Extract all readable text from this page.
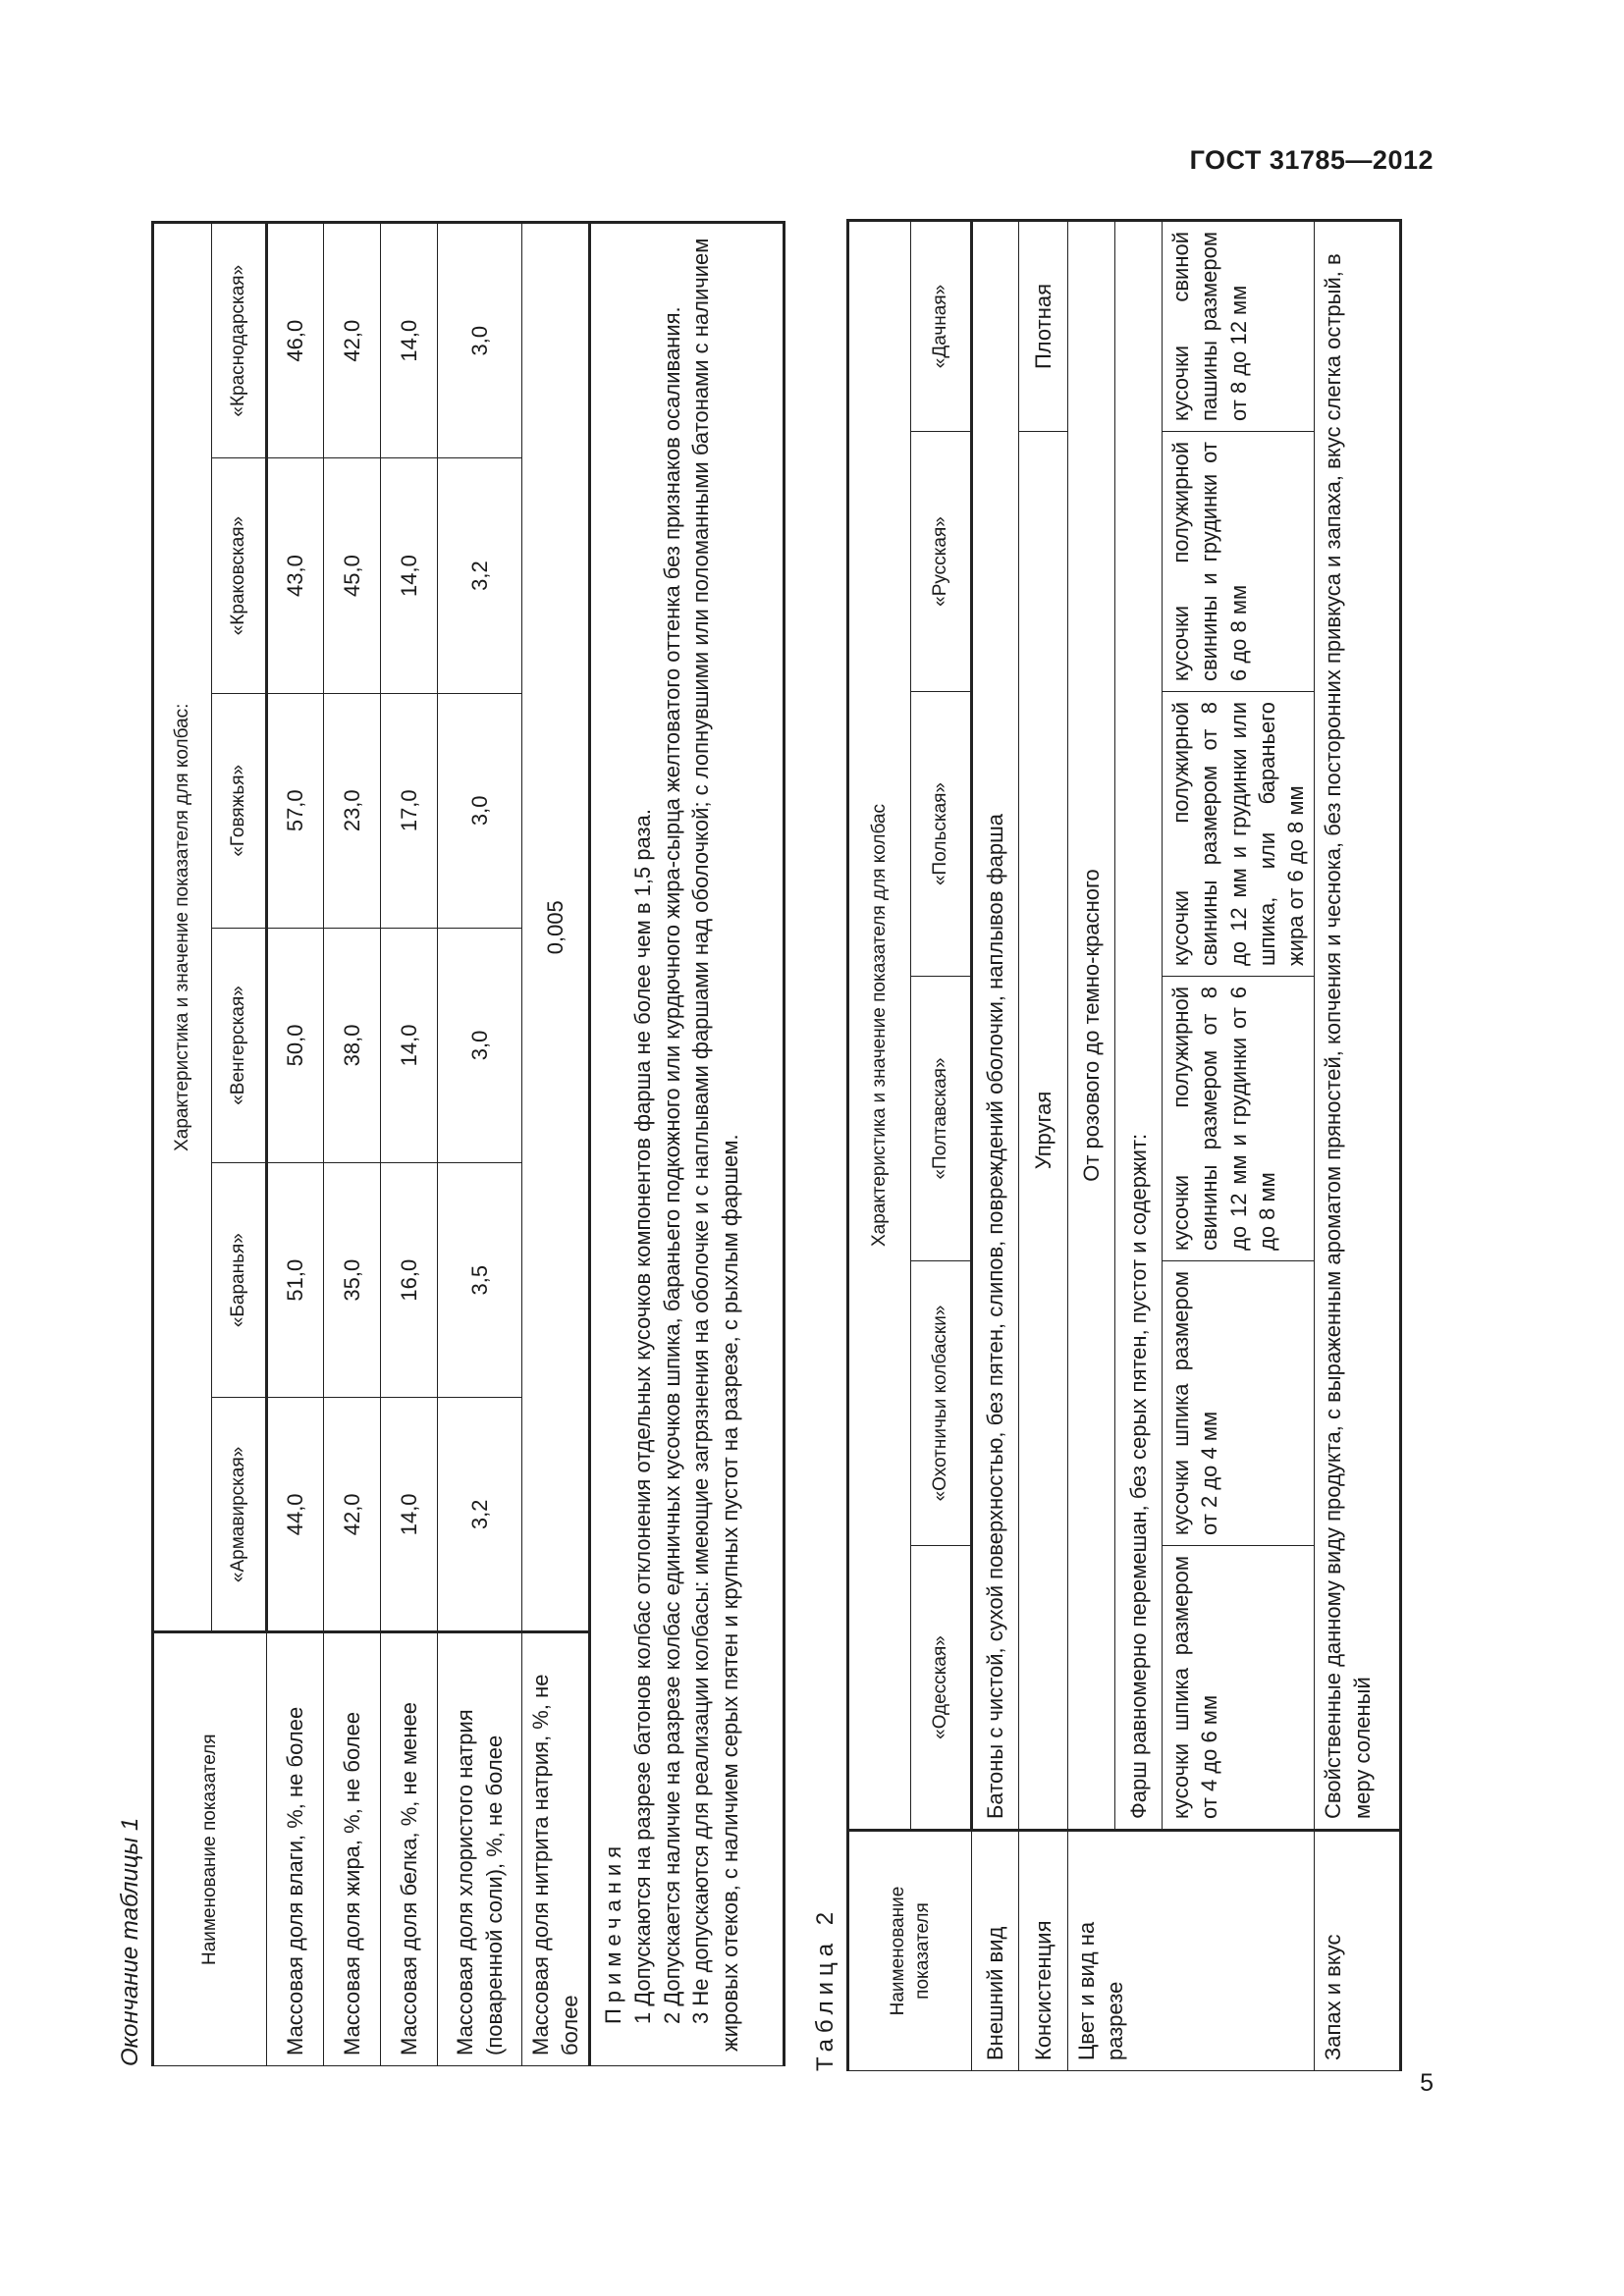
ГОСТ 31785—2012
5
Окончание таблицы 1	Наименование показателя	Характеристика и значение показателя для колбас:					
	«Армавирская»	«Баранья»	«Венгерская»	«Говяжья»	«Краковская»	«Краснодарская»
Массовая доля влаги, %, не более	44,0	51,0	50,0	57,0	43,0	46,0
Массовая доля жира, %, не более	42,0	35,0	38,0	23,0	45,0	42,0
Массовая доля белка, %, не менее	14,0	16,0	14,0	17,0	14,0	14,0
Массовая доля хлористого натрия (поваренной соли), %, не более	3,2	3,5	3,0	3,0	3,2	3,0
Массовая доля нитрита натрия, %, не более	0,005					

Примечания 1 Допускаются на разрезе батонов колбас отклонения отдельных кусочков компонентов фарша не более чем в 1,5 раза. 2 Допускается наличие на разрезе колбас единичных кусочков шпика, бараньего подкожного или курдючного жира-сырца желтоватого оттенка без признаков осаливания. 3 Не допускаются для реализации колбасы: имеющие загрязнения на оболочке и с наплывами фаршами над оболочкой; с лопнувшими или поломанными батонами с наличием жировых отеков, с наличием серых пятен и крупных пустот на разрезе, с рыхлым фаршем.							Таблица 2	Наименование показателя	Характеристика и значение показателя для колбас					
	«Одесская»	«Охотничьи колбаски»	«Полтавская»	«Польская»	«Русская»	«Дачная»
Внешний вид	Батоны с чистой, сухой поверхностью, без пятен, слипов, повреждений оболочки, наплывов фарша					
Консистенция	Упругая					Плотная
Цвет и вид на разрезе	От розового до темно-красного					
	Фарш равномерно перемешан, без серых пятен, пустот и содержит:					
	кусочки шпика размером от 4 до 6 мм	кусочки шпика размером от 2 до 4 мм	кусочки полужирной свинины размером от 8 до 12 мм и грудинки от 6 до 8 мм	кусочки полужирной свинины размером от 8 до 12 мм и грудинки или шпика, или бараньего жира от 6 до 8 мм	кусочки полужирной свинины и грудинки от 6 до 8 мм	кусочки свиной пашины размером от 8 до 12 мм
Запах и вкус	Свойственные данному виду продукта, с выраженным ароматом пряностей, копчения и чеснока, без посторонних привкуса и запаха, вкус слегка острый, в меру соленый					
